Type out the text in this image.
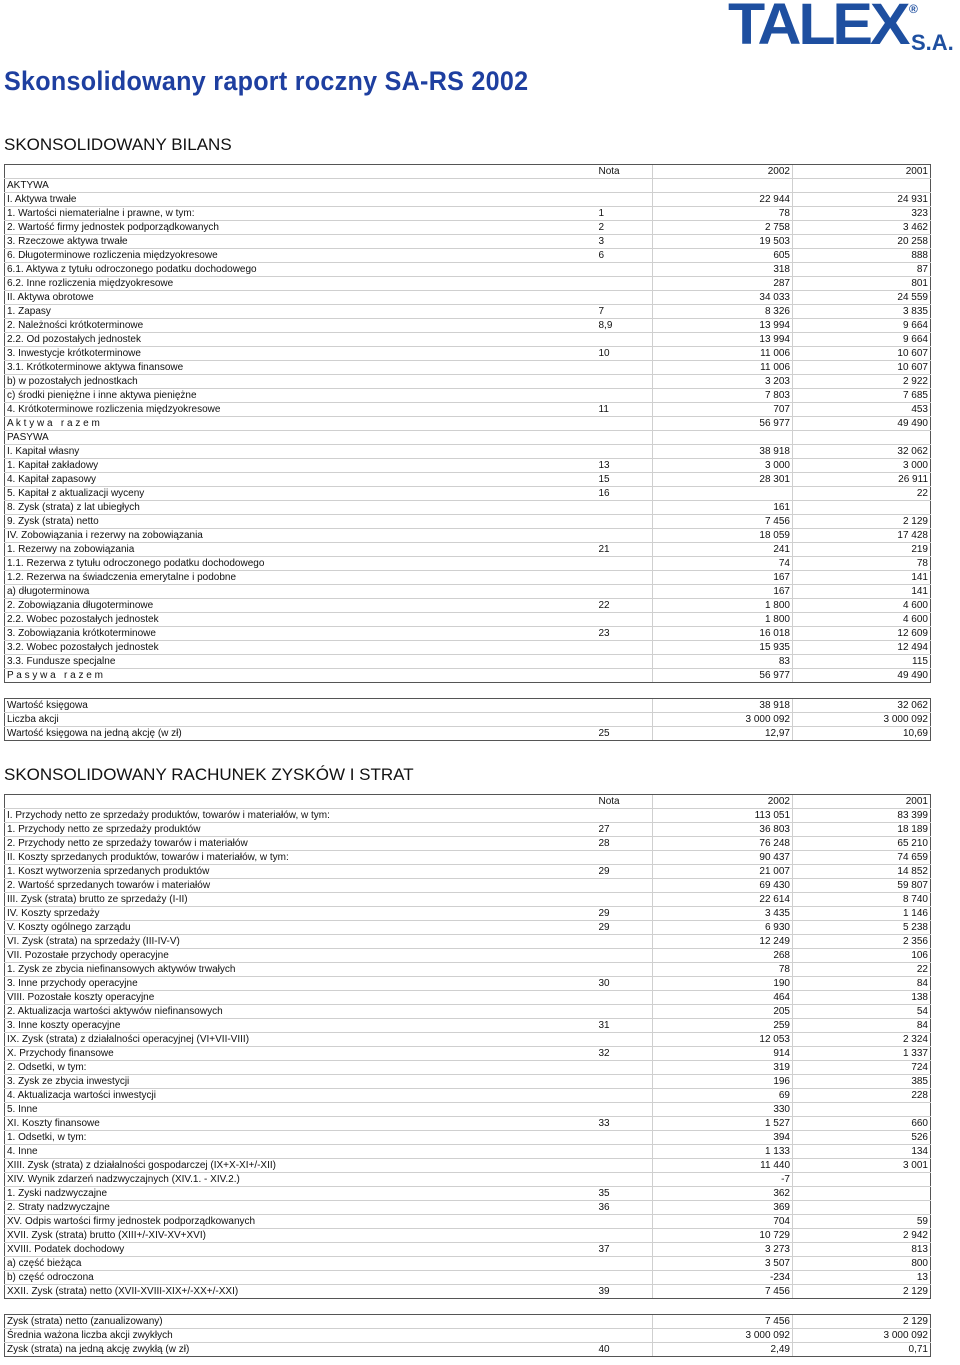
TALEX ®
S.A.
Skonsolidowany raport roczny SA-RS 2002
SKONSOLIDOWANY BILANS
	Nota	2002	2001
AKTYWA			
I. Aktywa trwałe		22 944	24 931
1. Wartości niematerialne i prawne, w tym:	1	78	323
2. Wartość firmy jednostek podporządkowanych	2	2 758	3 462
3. Rzeczowe aktywa trwałe	3	19 503	20 258
6. Długoterminowe rozliczenia międzyokresowe	6	605	888
6.1. Aktywa z tytułu odroczonego podatku dochodowego		318	87
6.2. Inne rozliczenia międzyokresowe		287	801
II. Aktywa obrotowe		34 033	24 559
1. Zapasy	7	8 326	3 835
2. Należności krótkoterminowe	8,9	13 994	9 664
2.2. Od pozostałych jednostek		13 994	9 664
3. Inwestycje krótkoterminowe	10	11 006	10 607
3.1. Krótkoterminowe aktywa finansowe		11 006	10 607
b) w pozostałych jednostkach		3 203	2 922
c) środki pieniężne i inne aktywa pieniężne		7 803	7 685
4. Krótkoterminowe rozliczenia międzyokresowe	11	707	453
A k t y w a   r a z e m		56 977	49 490
PASYWA			
I. Kapitał własny		38 918	32 062
1. Kapitał zakładowy	13	3 000	3 000
4. Kapitał zapasowy	15	28 301	26 911
5. Kapitał z aktualizacji wyceny	16		22
8. Zysk (strata) z lat ubiegłych		161	
9. Zysk (strata) netto		7 456	2 129
IV. Zobowiązania i rezerwy na zobowiązania		18 059	17 428
1. Rezerwy na zobowiązania	21	241	219
1.1. Rezerwa z tytułu odroczonego podatku dochodowego		74	78
1.2. Rezerwa na świadczenia emerytalne i podobne		167	141
a) długoterminowa		167	141
2. Zobowiązania długoterminowe	22	1 800	4 600
2.2. Wobec pozostałych jednostek		1 800	4 600
3. Zobowiązania krótkoterminowe	23	16 018	12 609
3.2. Wobec pozostałych jednostek		15 935	12 494
3.3. Fundusze specjalne		83	115
P a s y w a   r a z e m		56 977	49 490
Wartość księgowa		38 918	32 062
Liczba akcji		3 000 092	3 000 092
Wartość księgowa na jedną akcję (w zł)	25	12,97	10,69
SKONSOLIDOWANY RACHUNEK ZYSKÓW I STRAT
	Nota	2002	2001
I. Przychody netto ze sprzedaży produktów, towarów i materiałów, w tym:		113 051	83 399
1. Przychody netto ze sprzedaży produktów	27	36 803	18 189
2. Przychody netto ze sprzedaży towarów i materiałów	28	76 248	65 210
II. Koszty sprzedanych produktów, towarów i materiałów, w tym:		90 437	74 659
1. Koszt wytworzenia sprzedanych produktów	29	21 007	14 852
2. Wartość sprzedanych towarów i materiałów		69 430	59 807
III. Zysk (strata) brutto ze sprzedaży (I-II)		22 614	8 740
IV. Koszty sprzedaży	29	3 435	1 146
V. Koszty ogólnego zarządu	29	6 930	5 238
VI. Zysk (strata) na sprzedaży (III-IV-V)		12 249	2 356
VII. Pozostałe przychody operacyjne		268	106
1. Zysk ze zbycia niefinansowych aktywów trwałych		78	22
3. Inne przychody operacyjne	30	190	84
VIII. Pozostałe koszty operacyjne		464	138
2. Aktualizacja wartości aktywów niefinansowych		205	54
3. Inne koszty operacyjne	31	259	84
IX. Zysk (strata) z działalności operacyjnej (VI+VII-VIII)		12 053	2 324
X. Przychody finansowe	32	914	1 337
2. Odsetki, w tym:		319	724
3. Zysk ze zbycia inwestycji		196	385
4. Aktualizacja wartości inwestycji		69	228
5. Inne		330	
XI. Koszty finansowe	33	1 527	660
1. Odsetki, w tym:		394	526
4. Inne		1 133	134
XIII. Zysk (strata) z działalności gospodarczej (IX+X-XI+/-XII)		11 440	3 001
XIV. Wynik zdarzeń nadzwyczajnych (XIV.1. - XIV.2.)		-7	
1. Zyski nadzwyczajne	35	362	
2. Straty nadzwyczajne	36	369	
XV. Odpis wartości firmy jednostek podporządkowanych		704	59
XVII. Zysk (strata) brutto (XIII+/-XIV-XV+XVI)		10 729	2 942
XVIII. Podatek dochodowy	37	3 273	813
a) część bieżąca		3 507	800
b) część odroczona		-234	13
XXII. Zysk (strata) netto (XVII-XVIII-XIX+/-XX+/-XXI)	39	7 456	2 129
Zysk (strata) netto (zanualizowany)		7 456	2 129
Średnia ważona liczba akcji zwykłych		3 000 092	3 000 092
Zysk (strata) na jedną akcję zwykłą (w zł)	40	2,49	0,71
